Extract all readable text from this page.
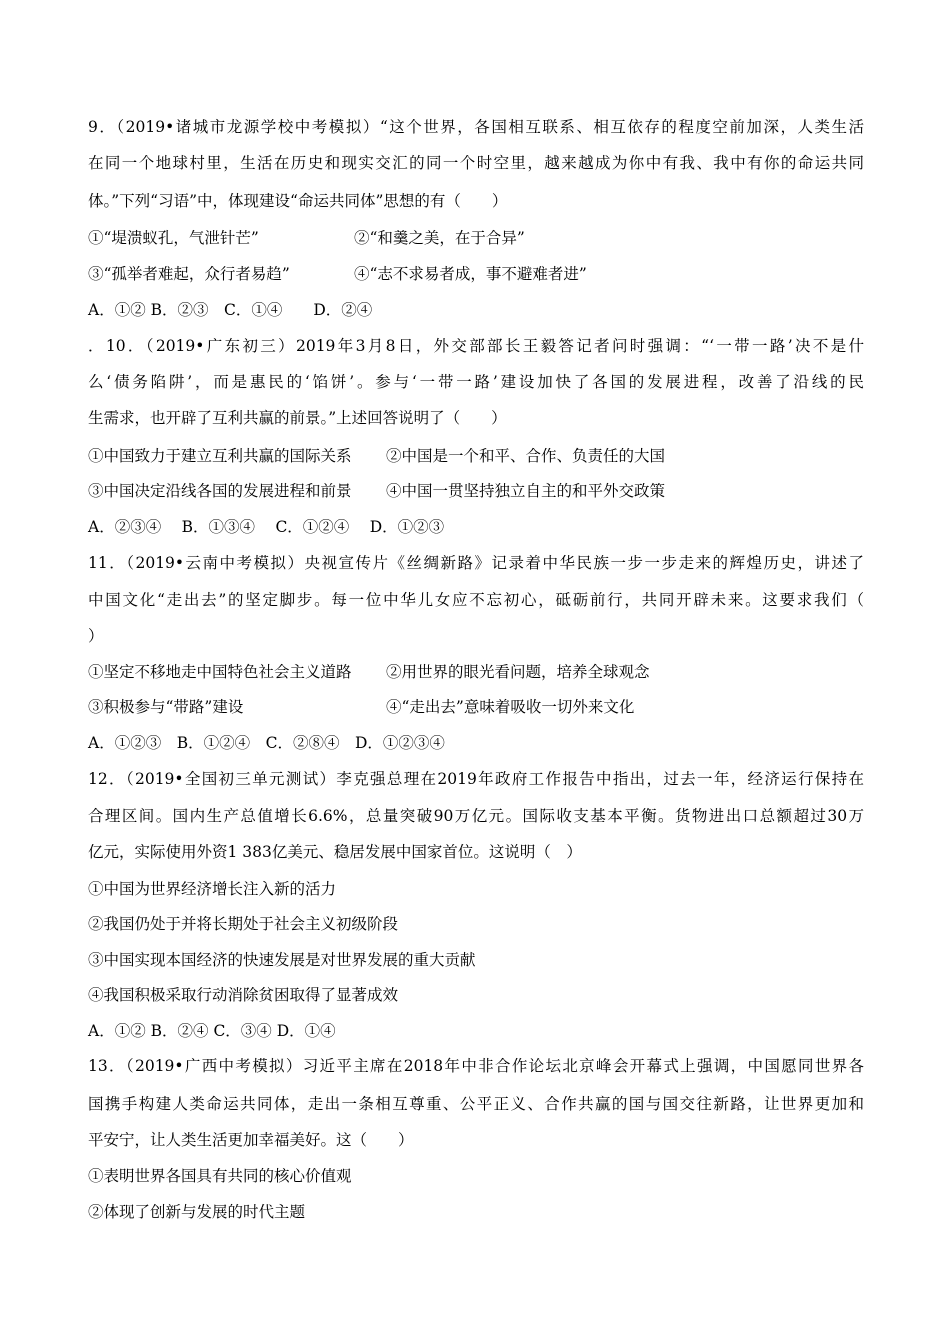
9．（2019•诸城市龙源学校中考模拟）“这个世界，各国相互联系、相互依存的程度空前加深，人类生活
在同一个地球村里，生活在历史和现实交汇的同一个时空里，越来越成为你中有我、我中有你的命运共同
体。”下列“习语”中，体现建设“命运共同体”思想的有（　　）
①“堤溃蚁孔，气泄针芒”	②“和羹之美，在于合异”
③“孤举者难起，众行者易趋”	④“志不求易者成，事不避难者进”
A．①② B．②③　C．①④　　D．②④
．10．（2019•广东初三）2019年3月8日，外交部部长王毅答记者问时强调：“‘一带一路’决不是什
么‘债务陷阱’，而是惠民的‘馅饼’。参与‘一带一路’建设加快了各国的发展进程，改善了沿线的民
生需求，也开辟了互利共赢的前景。”上述回答说明了（　　）
①中国致力于建立互利共赢的国际关系 ②中国是一个和平、合作、负责任的大国
③中国决定沿线各国的发展进程和前景 ④中国一贯坚持独立自主的和平外交政策
A．②③④　 B．①③④　 C．①②④　 D．①②③
11．（2019•云南中考模拟）央视宣传片《丝绸新路》记录着中华民族一步一步走来的辉煌历史，讲述了
中国文化“走出去”的坚定脚步。每一位中华儿女应不忘初心，砥砺前行，共同开辟未来。这要求我们（
）
①坚定不移地走中国特色社会主义道路 ②用世界的眼光看问题，培养全球观念
③积极参与“带路”建设	④“走出去”意味着吸收一切外来文化
A．①②③　B．①②④　C．②⑧④　D．①②③④
12．（2019•全国初三单元测试）李克强总理在2019年政府工作报告中指出，过去一年，经济运行保持在
合理区间。国内生产总值增长6.6%，总量突破90万亿元。国际收支基本平衡。货物进出口总额超过30万
亿元，实际使用外资1 383亿美元、稳居发展中国家首位。这说明（　）
①中国为世界经济增长注入新的活力
②我国仍处于并将长期处于社会主义初级阶段
③中国实现本国经济的快速发展是对世界发展的重大贡献
④我国积极采取行动消除贫困取得了显著成效
A．①② B．②④ C．③④ D．①④
13．（2019•广西中考模拟）习近平主席在2018年中非合作论坛北京峰会开幕式上强调，中国愿同世界各
国携手构建人类命运共同体，走出一条相互尊重、公平正义、合作共赢的国与国交往新路，让世界更加和
平安宁，让人类生活更加幸福美好。这（　　）
①表明世界各国具有共同的核心价值观
②体现了创新与发展的时代主题
